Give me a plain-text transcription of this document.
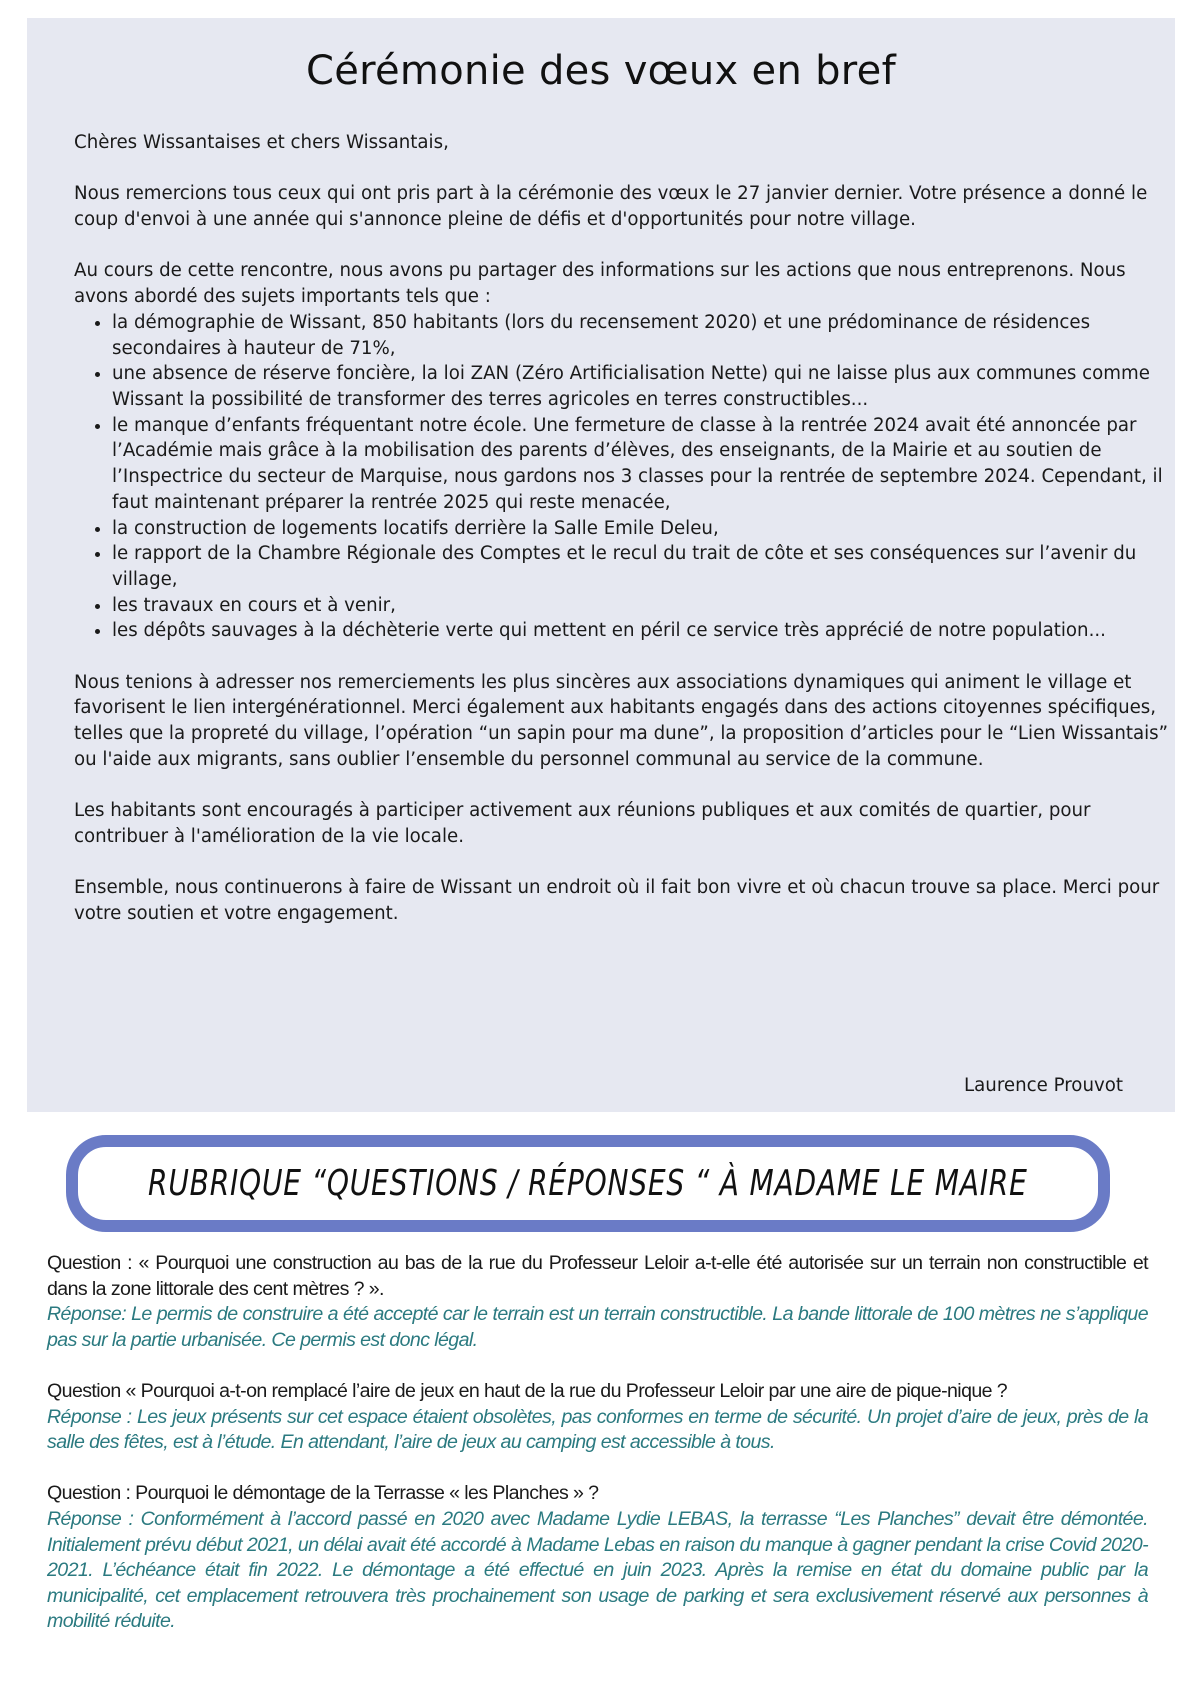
Cérémonie des vœux en bref

Chères Wissantaises et chers Wissantais,

Nous remercions tous ceux qui ont pris part à la cérémonie des vœux le 27 janvier dernier. Votre présence a donné le coup d'envoi à une année qui s'annonce pleine de défis et d'opportunités pour notre village.

Au cours de cette rencontre, nous avons pu partager des informations sur les actions que nous entreprenons. Nous avons abordé des sujets importants tels que :

• la démographie de Wissant, 850 habitants (lors du recensement 2020) et une prédominance de résidences secondaires à hauteur de 71%,
• une absence de réserve foncière, la loi ZAN (Zéro Artificialisation Nette) qui ne laisse plus aux communes comme Wissant la possibilité de transformer des terres agricoles en terres constructibles...
• le manque d’enfants fréquentant notre école. Une fermeture de classe à la rentrée 2024 avait été annoncée par l’Académie mais grâce à la mobilisation des parents d’élèves, des enseignants, de la Mairie et au soutien de l’Inspectrice du secteur de Marquise, nous gardons nos 3 classes pour la rentrée de septembre 2024. Cependant, il faut maintenant préparer la rentrée 2025 qui reste menacée,
• la construction de logements locatifs derrière la Salle Emile Deleu,
• le rapport de la Chambre Régionale des Comptes et le recul du trait de côte et ses conséquences sur l’avenir du village,
• les travaux en cours et à venir,
• les dépôts sauvages à la déchèterie verte qui mettent en péril ce service très apprécié de notre population...

Nous tenions à adresser nos remerciements les plus sincères aux associations dynamiques qui animent le village et favorisent le lien intergénérationnel. Merci également aux habitants engagés dans des actions citoyennes spécifiques, telles que la propreté du village, l’opération “un sapin pour ma dune”, la proposition d’articles pour le “Lien Wissantais” ou l'aide aux migrants, sans oublier l’ensemble du personnel communal au service de la commune.

Les habitants sont encouragés à participer activement aux réunions publiques et aux comités de quartier, pour contribuer à l'amélioration de la vie locale.

Ensemble, nous continuerons à faire de Wissant un endroit où il fait bon vivre et où chacun trouve sa place. Merci pour votre soutien et votre engagement.

Laurence Prouvot
RUBRIQUE “QUESTIONS / RÉPONSES “ À MADAME LE MAIRE

Question : « Pourquoi une construction au bas de la rue du Professeur Leloir a-t-elle été autorisée sur un terrain non constructible et dans la zone littorale des cent mètres ? ».

Réponse: Le permis de construire a été accepté car le terrain est un terrain constructible. La bande littorale de 100 mètres ne s’applique pas sur la partie urbanisée. Ce permis est donc légal.

Question « Pourquoi a-t-on remplacé l’aire de jeux en haut de la rue du Professeur Leloir par une aire de pique-nique ?

Réponse : Les jeux présents sur cet espace étaient obsolètes, pas conformes en terme de sécurité. Un projet d’aire de jeux, près de la salle des fêtes, est à l’étude. En attendant, l’aire de jeux au camping est accessible à tous.

Question : Pourquoi le démontage de la Terrasse « les Planches » ?

Réponse : Conformément à l’accord passé en 2020 avec Madame Lydie LEBAS, la terrasse “Les Planches” devait être démontée. Initialement prévu début 2021, un délai avait été accordé à Madame Lebas en raison du manque à gagner pendant la crise Covid 2020-2021. L’échéance était fin 2022. Le démontage a été effectué en juin 2023. Après la remise en état du domaine public par la municipalité, cet emplacement retrouvera très prochainement son usage de parking et sera exclusivement réservé aux personnes à mobilité réduite.
